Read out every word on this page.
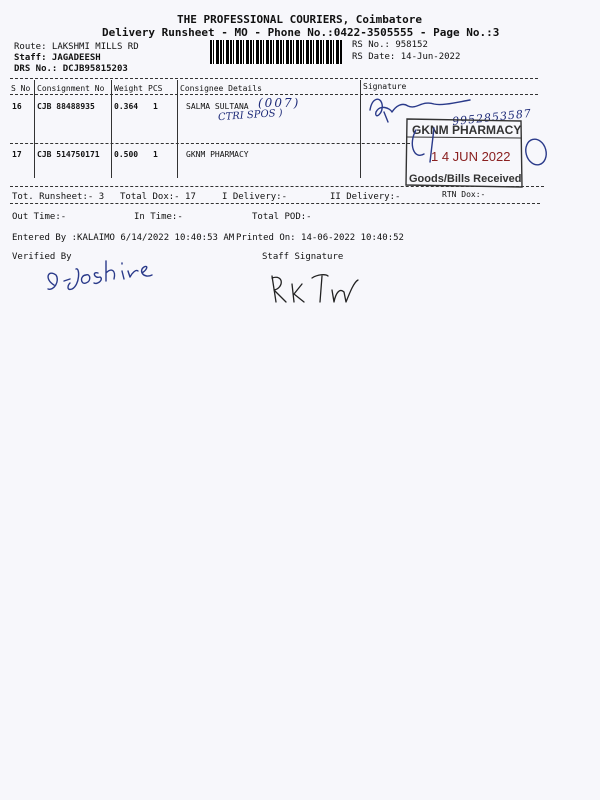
THE PROFESSIONAL COURIERS, Coimbatore
Delivery Runsheet - MO - Phone No.:0422-3505555 - Page No.:3
Route: LAKSHMI MILLS RD
Staff: JAGADEESH
DRS No.: DCJB95815203
RS No.: 958152
RS Date: 14-Jun-2022
S No Consignment No Weight PCS Consignee Details	Signature
16 CJB 88488935 0.364 1	SALMA SULTANA (007)
CTRI SPOS )	9952853587
GKNM PHARMACY
1 4 JUN 2022
Goods/Bills Received
17 CJB 514750171 0.500 1	GKNM PHARMACY
Tot. Runsheet:- 3 Total Dox:- 17	I Delivery:-	II Delivery:-	RTN Dox:-
Out Time:-	In Time:-	Total POD:-
Entered By :KALAIMO 6/14/2022 10:40:53 AM Printed On: 14-06-2022 10:40:52
Verified By	Staff Signature
